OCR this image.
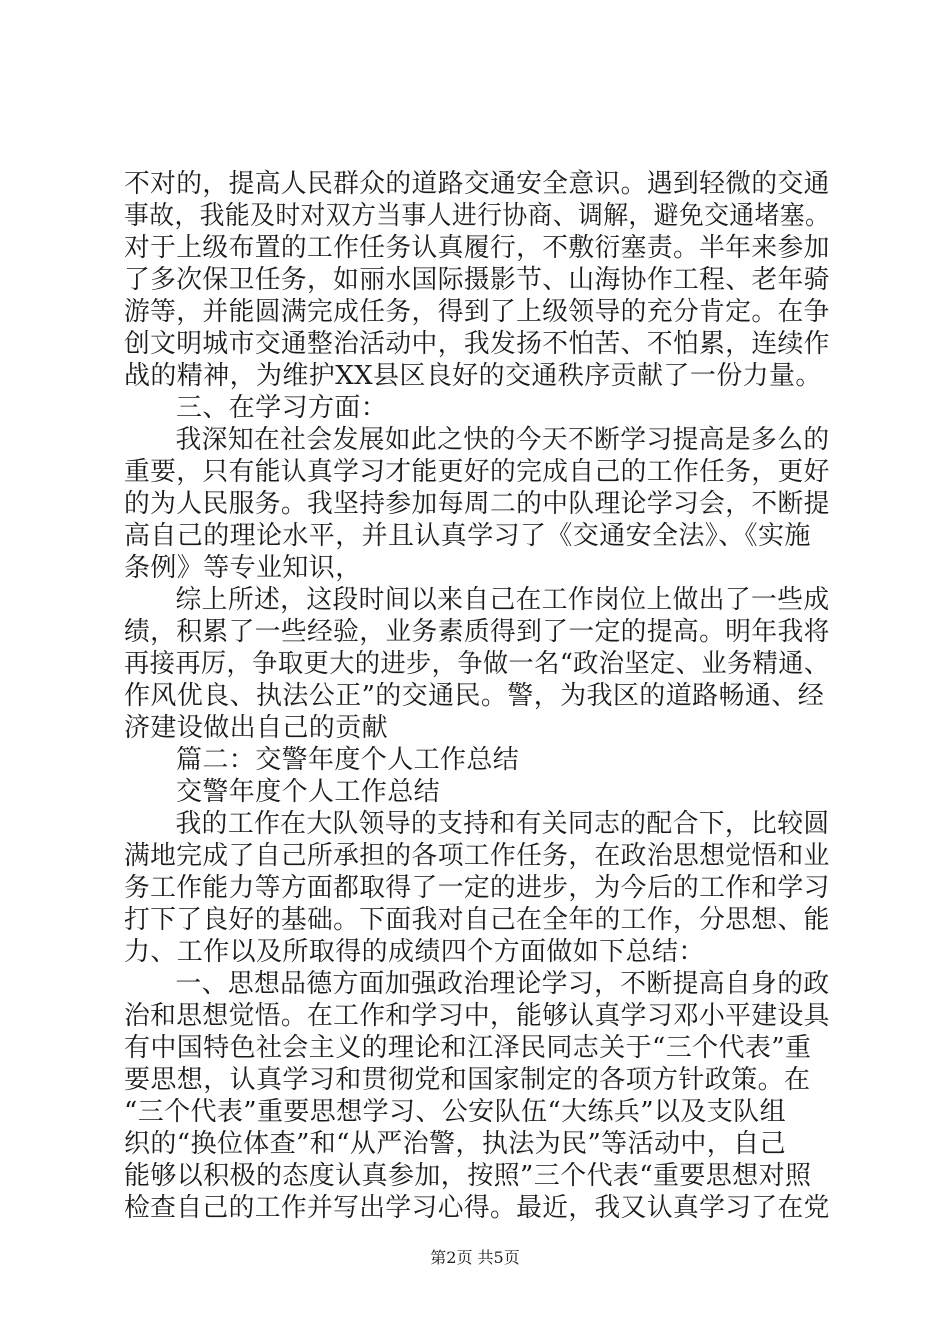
不对的，提高人民群众的道路交通安全意识。遇到轻微的交通
事故，我能及时对双方当事人进行协商、调解，避免交通堵塞。
对于上级布置的工作任务认真履行，不敷衍塞责。半年来参加
了多次保卫任务，如丽水国际摄影节、山海协作工程、老年骑
游等，并能圆满完成任务，得到了上级领导的充分肯定。在争
创文明城市交通整治活动中，我发扬不怕苦、不怕累，连续作
战的精神，为维护XX县区良好的交通秩序贡献了一份力量。
三、在学习方面：
我深知在社会发展如此之快的今天不断学习提高是多么的
重要，只有能认真学习才能更好的完成自己的工作任务，更好
的为人民服务。我坚持参加每周二的中队理论学习会，不断提
高自己的理论水平，并且认真学习了《交通安全法》、《实施
条例》等专业知识，
综上所述，这段时间以来自己在工作岗位上做出了一些成
绩，积累了一些经验，业务素质得到了一定的提高。明年我将
再接再厉，争取更大的进步，争做一名“政治坚定、业务精通、
作风优良、执法公正”的交通民。警，为我区的道路畅通、经
济建设做出自己的贡献
篇二：交警年度个人工作总结
交警年度个人工作总结
我的工作在大队领导的支持和有关同志的配合下，比较圆
满地完成了自己所承担的各项工作任务，在政治思想觉悟和业
务工作能力等方面都取得了一定的进步，为今后的工作和学习
打下了良好的基础。下面我对自己在全年的工作，分思想、能
力、工作以及所取得的成绩四个方面做如下总结：
一、思想品德方面加强政治理论学习，不断提高自身的政
治和思想觉悟。在工作和学习中，能够认真学习邓小平建设具
有中国特色社会主义的理论和江泽民同志关于“三个代表”重
要思想，认真学习和贯彻党和国家制定的各项方针政策。在
“三个代表”重要思想学习、公安队伍“大练兵”以及支队组
织的“换位体查”和“从严治警，执法为民”等活动中，自己
能够以积极的态度认真参加，按照”三个代表“重要思想对照
检查自己的工作并写出学习心得。最近，我又认真学习了在党
第2页 共5页
